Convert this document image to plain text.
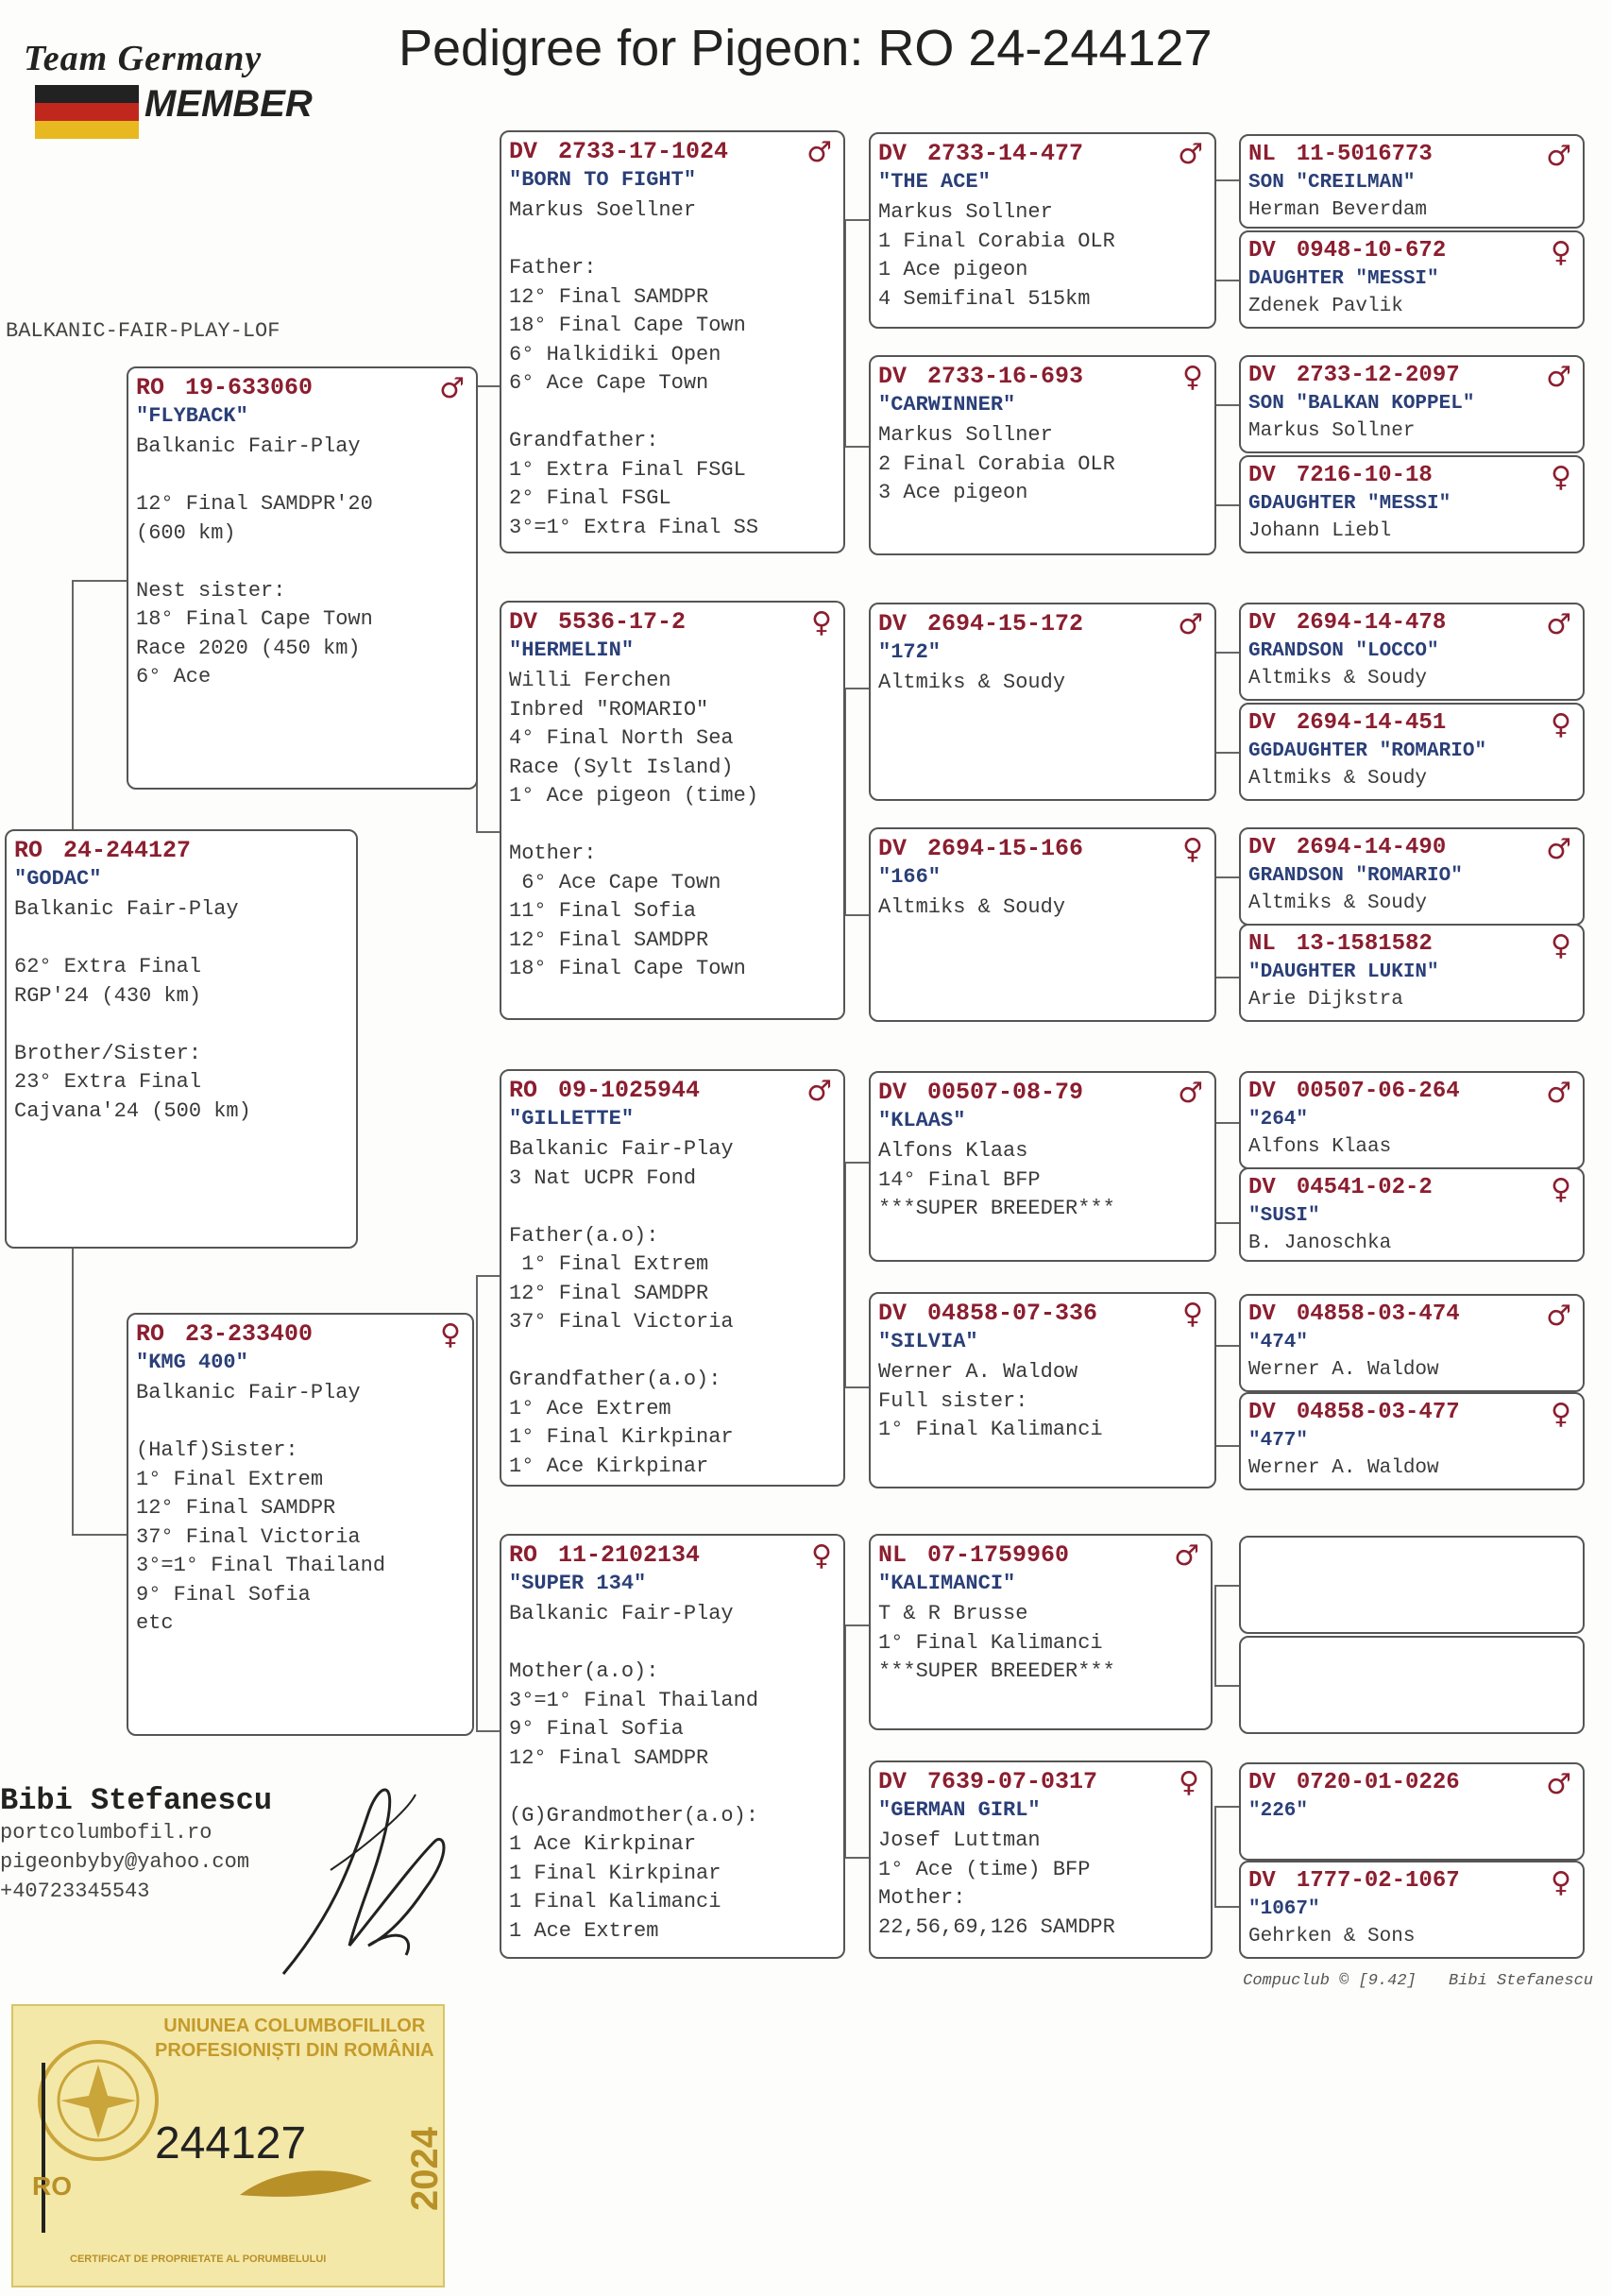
Team Germany
MEMBER
Pedigree for Pigeon: RO 24-244127
BALKANIC-FAIR-PLAY-LOF
RO 24-244127
"GODAC"
Balkanic Fair-Play

62° Extra Final
RGP'24 (430 km)

Brother/Sister:
23° Extra Final
Cajvana'24 (500 km)
RO 19-633060	♂
"FLYBACK"
Balkanic Fair-Play

12° Final SAMDPR'20
(600 km)

Nest sister:
18° Final Cape Town
Race 2020 (450 km)
6° Ace
RO 23-233400	♀
"KMG 400"
Balkanic Fair-Play

(Half)Sister:
1° Final Extrem
12° Final SAMDPR
37° Final Victoria
3°=1° Final Thailand
9° Final Sofia
etc
DV 2733-17-1024	♂
"BORN TO FIGHT"
Markus Soellner

Father:
12° Final SAMDPR
18° Final Cape Town
6° Halkidiki Open
6° Ace Cape Town

Grandfather:
1° Extra Final FSGL
2° Final FSGL
3°=1° Extra Final SS
DV 5536-17-2	♀
"HERMELIN"
Willi Ferchen
Inbred "ROMARIO"
4° Final North Sea
Race (Sylt Island)
1° Ace pigeon (time)

Mother:
6° Ace Cape Town
11° Final Sofia
12° Final SAMDPR
18° Final Cape Town
RO 09-1025944	♂
"GILLETTE"
Balkanic Fair-Play
3 Nat UCPR Fond

Father(a.o):
1° Final Extrem
12° Final SAMDPR
37° Final Victoria

Grandfather(a.o):
1° Ace Extrem
1° Final Kirkpinar
1° Ace Kirkpinar
RO 11-2102134	♀
"SUPER 134"
Balkanic Fair-Play

Mother(a.o):
3°=1° Final Thailand
9° Final Sofia
12° Final SAMDPR

(G)Grandmother(a.o):
1 Ace Kirkpinar
1 Final Kirkpinar
1 Final Kalimanci
1 Ace Extrem
DV 2733-14-477	♂
"THE ACE"
Markus Sollner
1 Final Corabia OLR
1 Ace pigeon
4 Semifinal 515km
DV 2733-16-693	♀
"CARWINNER"
Markus Sollner
2 Final Corabia OLR
3 Ace pigeon
DV 2694-15-172	♂
"172"
Altmiks & Soudy
DV 2694-15-166	♀
"166"
Altmiks & Soudy
DV 00507-08-79	♂
"KLAAS"
Alfons Klaas
14° Final BFP
***SUPER BREEDER***
DV 04858-07-336	♀
"SILVIA"
Werner A. Waldow
Full sister:
1° Final Kalimanci
NL 07-1759960	♂
"KALIMANCI"
T & R Brusse
1° Final Kalimanci
***SUPER BREEDER***
DV 7639-07-0317	♀
"GERMAN GIRL"
Josef Luttman
1° Ace (time) BFP
Mother:
22,56,69,126 SAMDPR
NL 11-5016773	♂
SON "CREILMAN"
Herman Beverdam
DV 0948-10-672	♀
DAUGHTER "MESSI"
Zdenek Pavlik
DV 2733-12-2097	♂
SON "BALKAN KOPPEL"
Markus Sollner
DV 7216-10-18	♀
GDAUGHTER "MESSI"
Johann Liebl
DV 2694-14-478	♂
GRANDSON "LOCCO"
Altmiks & Soudy
DV 2694-14-451	♀
GGDAUGHTER "ROMARIO"
Altmiks & Soudy
DV 2694-14-490	♂
GRANDSON "ROMARIO"
Altmiks & Soudy
NL 13-1581582	♀
"DAUGHTER LUKIN"
Arie Dijkstra
DV 00507-06-264	♂
"264"
Alfons Klaas
DV 04541-02-2	♀
"SUSI"
B. Janoschka
DV 04858-03-474	♂
"474"
Werner A. Waldow
DV 04858-03-477	♀
"477"
Werner A. Waldow
DV 0720-01-0226	♂
"226"
DV 1777-02-1067	♀
"1067"
Gehrken & Sons
Bibi Stefanescu
portcolumbofil.ro
pigeonbyby@yahoo.com
+40723345543
Compuclub © [9.42] Bibi Stefanescu
UNIUNEA COLUMBOFILILOR
PROFESIONIȘTI DIN ROMÂNIA
244127	2024
RO
CERTIFICAT DE PROPRIETATE AL PORUMBELULUI
